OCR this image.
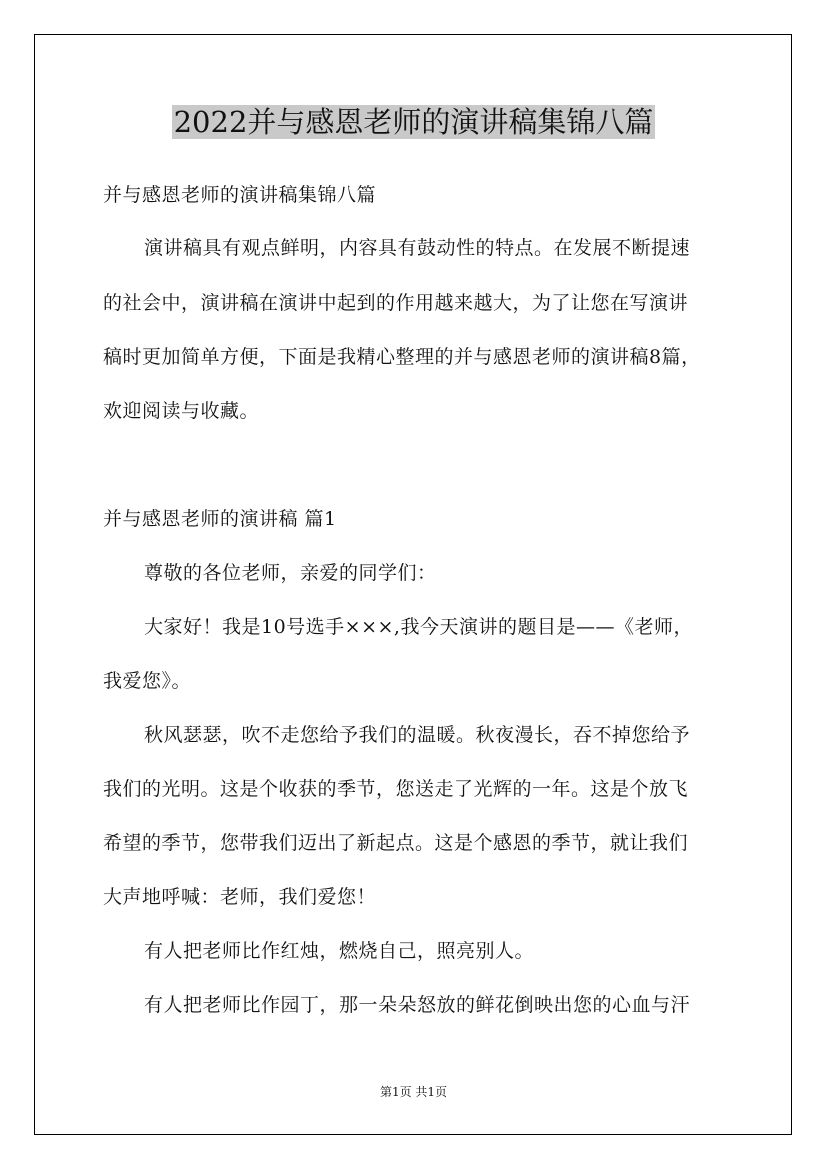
2022并与感恩老师的演讲稿集锦八篇
并与感恩老师的演讲稿集锦八篇
演讲稿具有观点鲜明，内容具有鼓动性的特点。在发展不断提速
的社会中，演讲稿在演讲中起到的作用越来越大，为了让您在写演讲
稿时更加简单方便，下面是我精心整理的并与感恩老师的演讲稿8篇，
欢迎阅读与收藏。
并与感恩老师的演讲稿 篇1
尊敬的各位老师，亲爱的同学们：
大家好！我是10号选手×××,我今天演讲的题目是——《老师，
我爱您》。
秋风瑟瑟，吹不走您给予我们的温暖。秋夜漫长，吞不掉您给予
我们的光明。这是个收获的季节，您送走了光辉的一年。这是个放飞
希望的季节，您带我们迈出了新起点。这是个感恩的季节，就让我们
大声地呼喊：老师，我们爱您！
有人把老师比作红烛，燃烧自己，照亮别人。
有人把老师比作园丁，那一朵朵怒放的鲜花倒映出您的心血与汗
第1页 共1页
